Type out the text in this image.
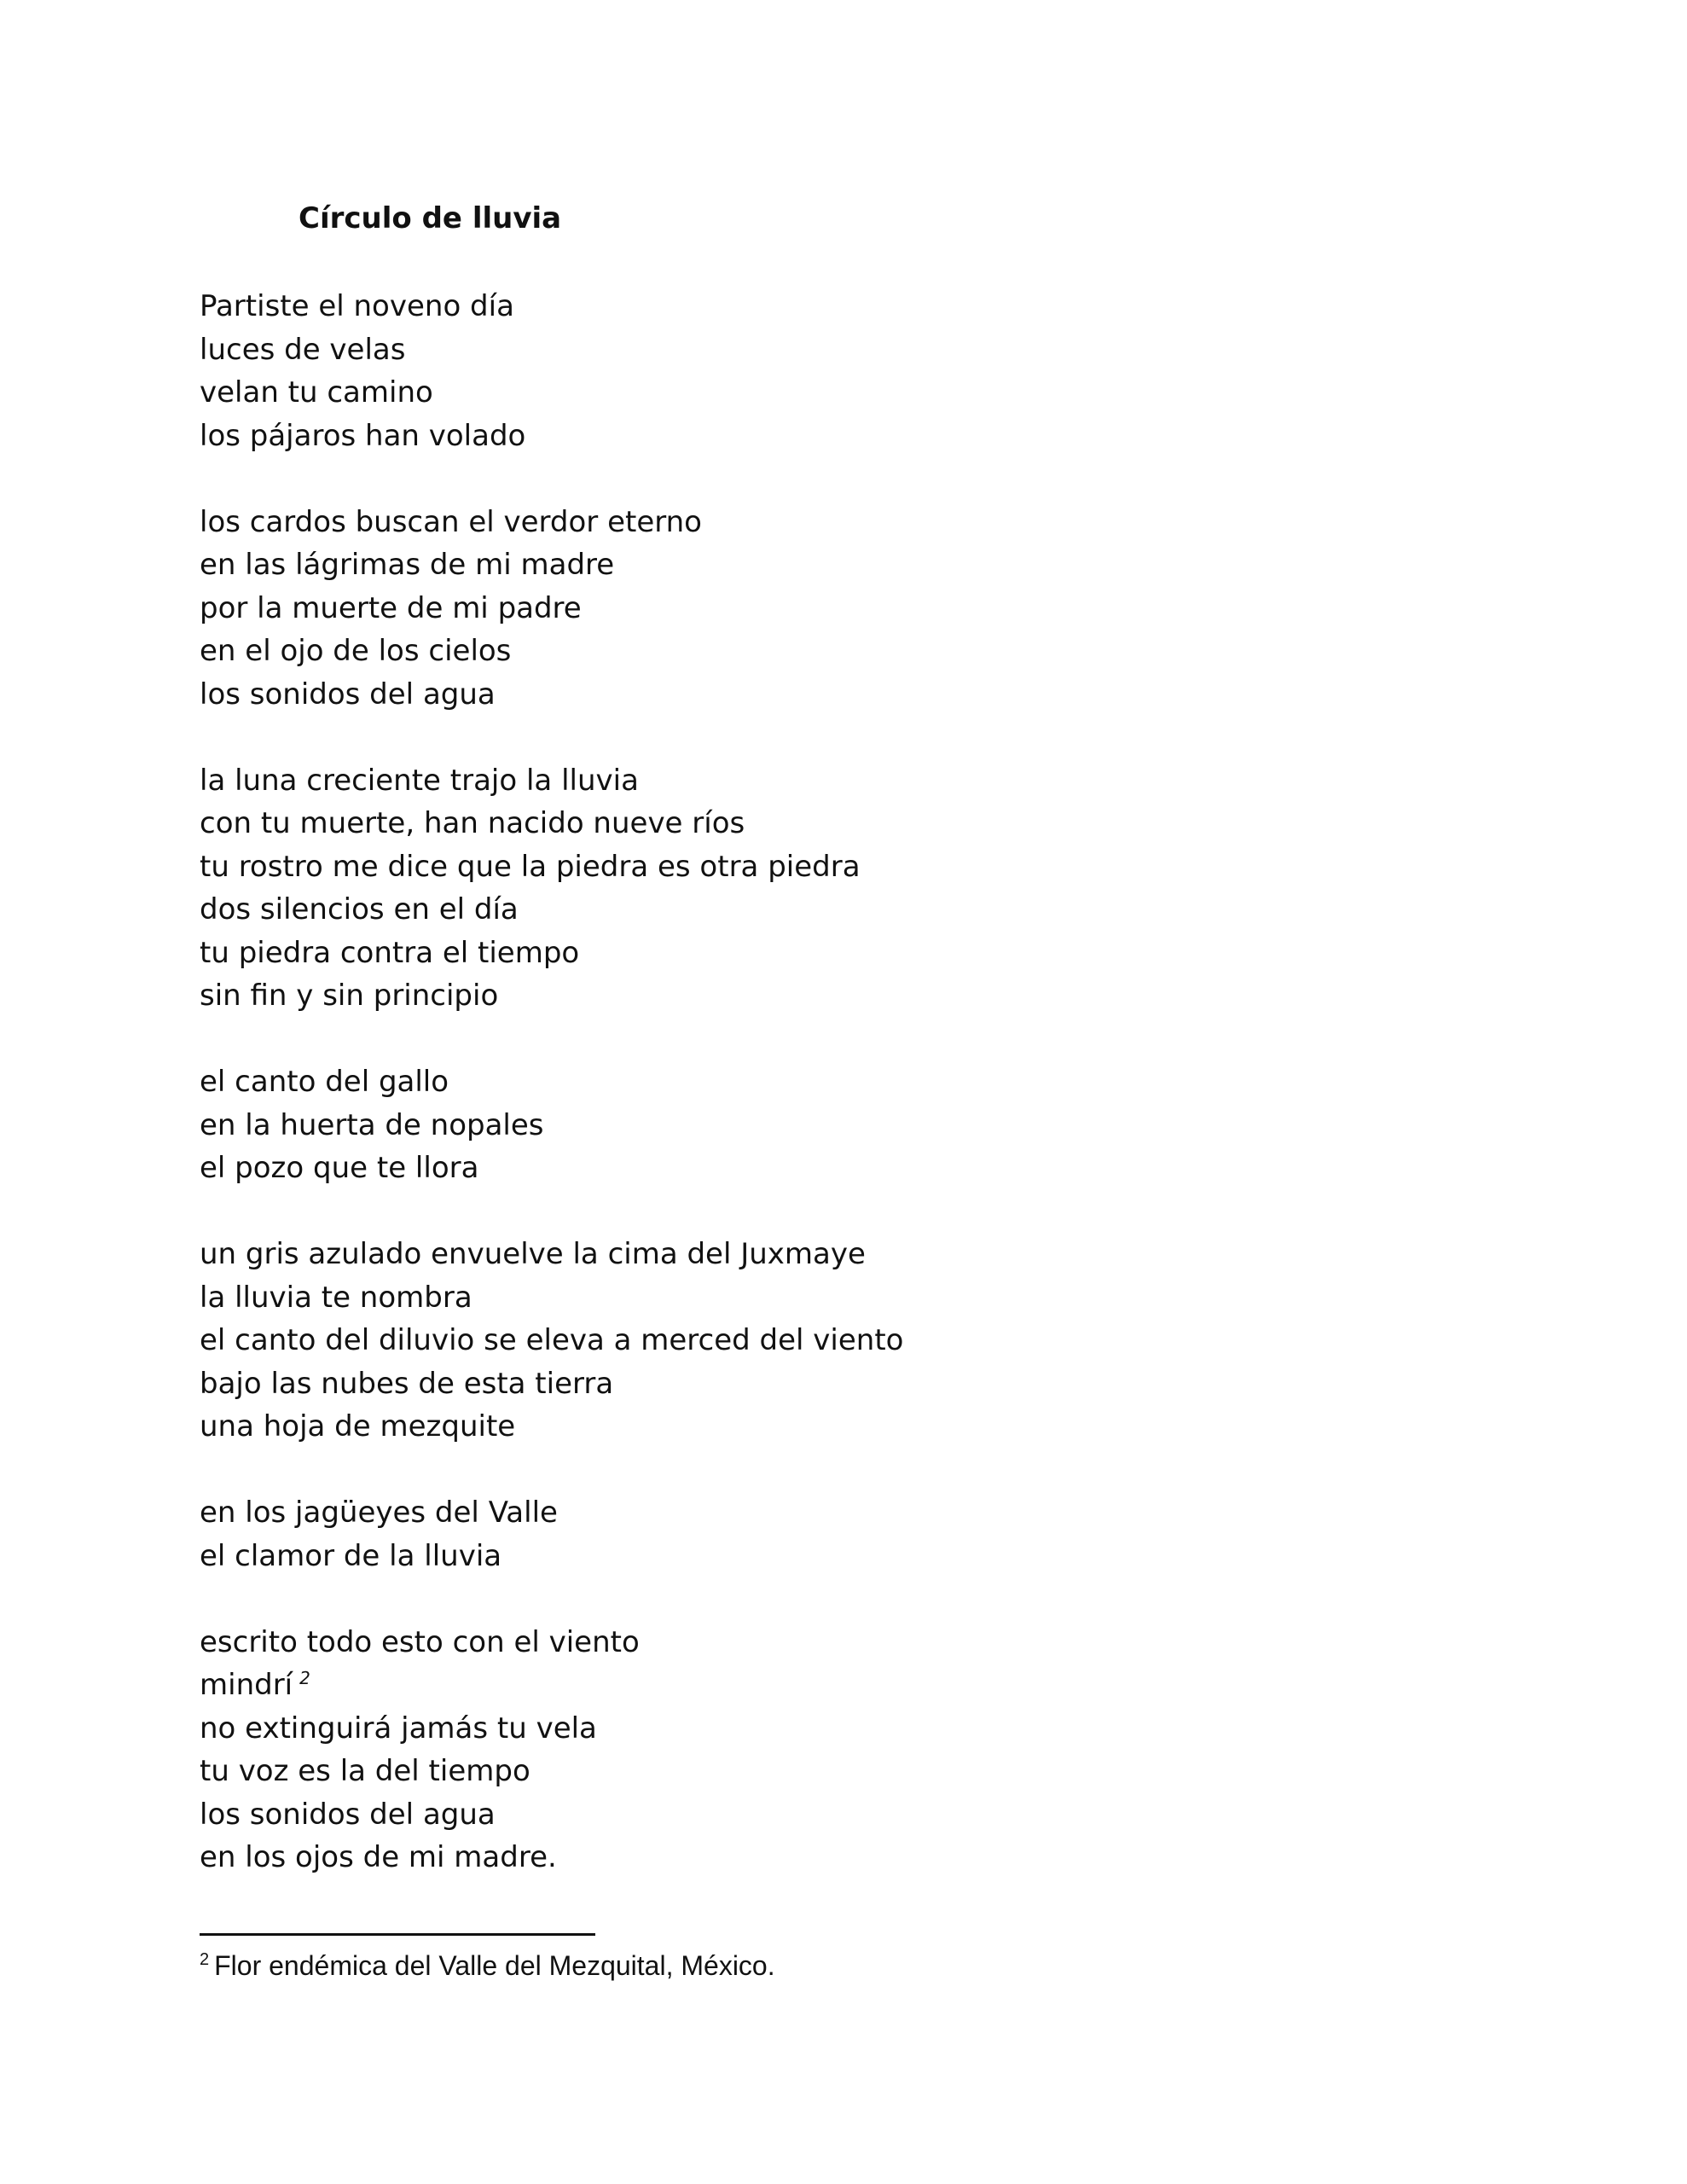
Círculo de lluvia
Partiste el noveno día
luces de velas
velan tu camino
los pájaros han volado
los cardos buscan el verdor eterno
en las lágrimas de mi madre
por la muerte de mi padre
en el ojo de los cielos
los sonidos del agua
la luna creciente trajo la lluvia
con tu muerte, han nacido nueve ríos
tu rostro me dice que la piedra es otra piedra
dos silencios en el día
tu piedra contra el tiempo
sin fin y sin principio
el canto del gallo
en la huerta de nopales
el pozo que te llora
un gris azulado envuelve la cima del Juxmaye
la lluvia te nombra
el canto del diluvio se eleva a merced del viento
bajo las nubes de esta tierra
una hoja de mezquite
en los jagüeyes del Valle
el clamor de la lluvia
escrito todo esto con el viento
mindrí $^2$
no extinguirá jamás tu vela
tu voz es la del tiempo
los sonidos del agua
en los ojos de mi madre.
$^2$ Flor endémica del Valle del Mezquital, México.
